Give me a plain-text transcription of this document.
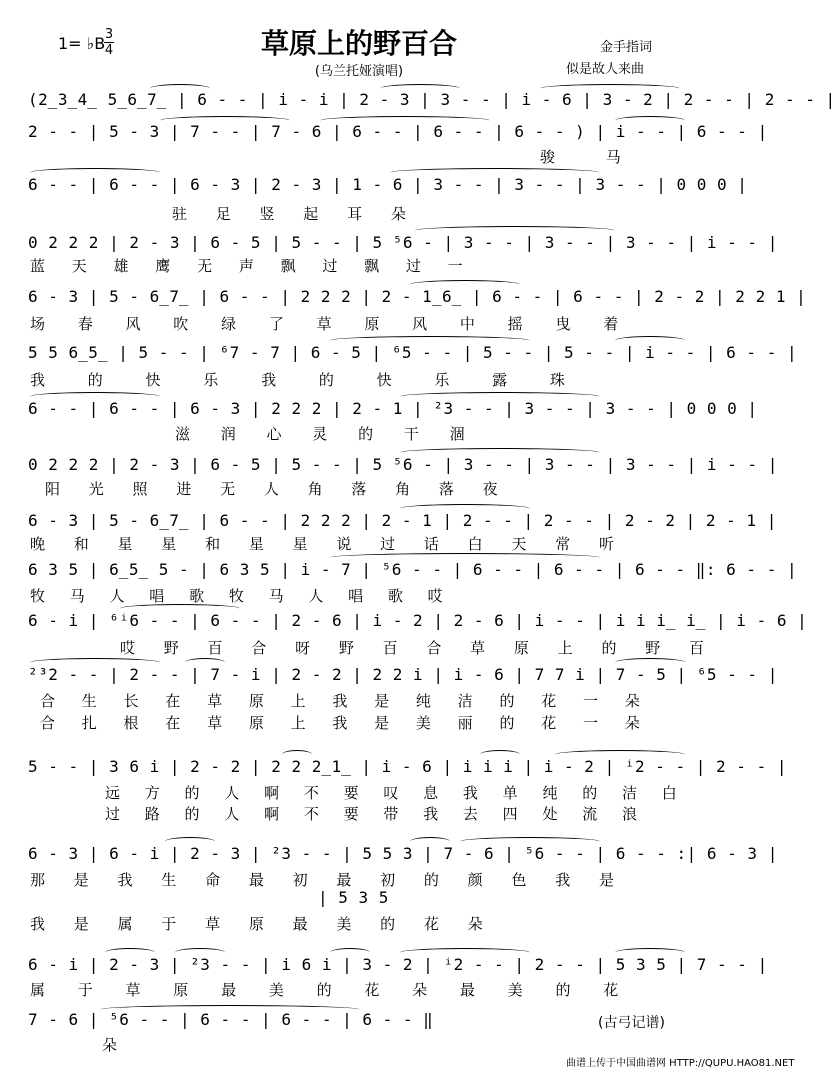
1= ♭B 3
4	草原上的野百合
(乌兰托娅演唱)
金手指词
似是故人来曲
(2̲3̲4̲ 5̲6̲7̲ | 6 - - | i - i | 2 - 3 | 3 - - | i - 6 | 3 - 2 | 2 - - | 2 - - |
2 - - | 5 - 3 | 7 - - | 7 - 6 | 6 - - | 6 - - | 6 - - ) | i - - | 6 - - |
骏 马
6 - - | 6 - - | 6 - 3 | 2 - 3 | 1 - 6 | 3 - - | 3 - - | 3 - - | 0 0 0 |
驻 足 竖 起 耳 朵
0 2 2 2 | 2 - 3 | 6 - 5 | 5 - - | 5 ⁵6 - | 3 - - | 3 - - | 3 - - | i - - |
蓝 天 雄 鹰 无 声 飘 过 飘 过 一
6 - 3 | 5 - 6̲7̲ | 6 - - | 2 2 2 | 2 - 1̲6̲ | 6 - - | 6 - - | 2 - 2 | 2 2 1 |
场 春 风 吹 绿 了 草 原 风 中 摇 曳 着
5 5 6̲5̲ | 5 - - | ⁶7 - 7 | 6 - 5 | ⁶5 - - | 5 - - | 5 - - | i - - | 6 - - |
我 的 快 乐 我 的 快 乐 露 珠
6 - - | 6 - - | 6 - 3 | 2 2 2 | 2 - 1 | ²3 - - | 3 - - | 3 - - | 0 0 0 |
滋 润 心 灵 的 干 涸
0 2 2 2 | 2 - 3 | 6 - 5 | 5 - - | 5 ⁵6 - | 3 - - | 3 - - | 3 - - | i - - |
阳 光 照 进 无 人 角 落 角 落 夜
6 - 3 | 5 - 6̲7̲ | 6 - - | 2 2 2 | 2 - 1 | 2 - - | 2 - - | 2 - 2 | 2 - 1 |
晚 和 星 星 和 星 星 说 过 话 白 天 常 听
6 3 5 | 6̲5̲ 5 - | 6 3 5 | i - 7 | ⁵6 - - | 6 - - | 6 - - | 6 - - ‖: 6 - - |
牧 马 人 唱 歌 牧 马 人 唱 歌 哎
6 - i | ⁶ⁱ6 - - | 6 - - | 2 - 6 | i - 2 | 2 - 6 | i - - | i i i̲ i̲ | i - 6 |
哎 野 百 合 呀 野 百 合 草 原 上 的 野 百
²³2 - - | 2 - - | 7 - i | 2 - 2 | 2 2 i | i - 6 | 7 7 i | 7 - 5 | ⁶5 - - |
合 生 长 在 草 原 上 我 是 纯 洁 的 花 一 朵
合 扎 根 在 草 原 上 我 是 美 丽 的 花 一 朵
5 - - | 3 6 i | 2 - 2 | 2 2 2̲1̲ | i - 6 | i i i | i - 2 | ⁱ2 - - | 2 - - |
远 方 的 人 啊 不 要 叹 息 我 单 纯 的 洁 白
过 路 的 人 啊 不 要 带 我 去 四 处 流 浪
6 - 3 | 6 - i | 2 - 3 | ²3 - - | 5 5 3 | 7 - 6 | ⁵6 - - | 6 - - :| 6 - 3 |
那 是 我 生 命 最 初 最 初 的 颜 色 我 是
| 5 3 5
我 是 属 于 草 原 最 美 的 花 朵
6 - i | 2 - 3 | ²3 - - | i 6 i | 3 - 2 | ⁱ2 - - | 2 - - | 5 3 5 | 7 - - |
属 于 草 原 最 美 的 花 朵 最 美 的 花
7 - 6 | ⁵6 - - | 6 - - | 6 - - | 6 - - ‖
朵
(古弓记谱)
曲谱上传于中国曲谱网 HTTP://QUPU.HAO81.NET
